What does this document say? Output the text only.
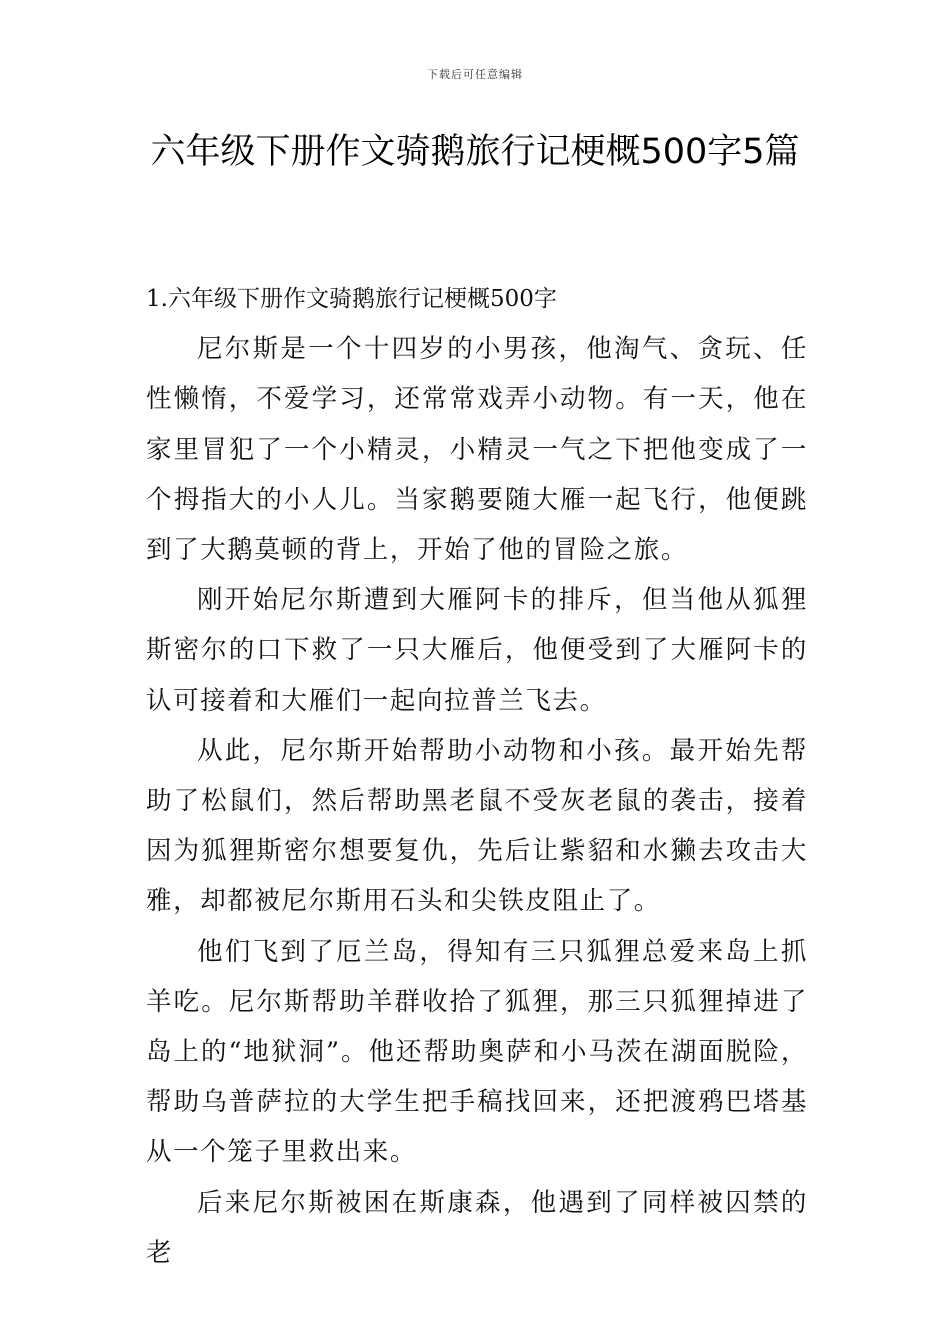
下载后可任意编辑
六年级下册作文骑鹅旅行记梗概500字5篇

1.六年级下册作文骑鹅旅行记梗概500字

尼尔斯是一个十四岁的小男孩，他淘气、贪玩、任性懒惰，不爱学习，还常常戏弄小动物。有一天，他在家里冒犯了一个小精灵，小精灵一气之下把他变成了一个拇指大的小人儿。当家鹅要随大雁一起飞行，他便跳到了大鹅莫顿的背上，开始了他的冒险之旅。

刚开始尼尔斯遭到大雁阿卡的排斥，但当他从狐狸斯密尔的口下救了一只大雁后，他便受到了大雁阿卡的认可接着和大雁们一起向拉普兰飞去。

从此，尼尔斯开始帮助小动物和小孩。最开始先帮助了松鼠们，然后帮助黑老鼠不受灰老鼠的袭击，接着因为狐狸斯密尔想要复仇，先后让紫貂和水獭去攻击大雅，却都被尼尔斯用石头和尖铁皮阻止了。

他们飞到了厄兰岛，得知有三只狐狸总爱来岛上抓羊吃。尼尔斯帮助羊群收拾了狐狸，那三只狐狸掉进了岛上的“地狱洞”。他还帮助奥萨和小马茨在湖面脱险，帮助乌普萨拉的大学生把手稿找回来，还把渡鸦巴塔基从一个笼子里救出来。

后来尼尔斯被困在斯康森，他遇到了同样被囚禁的老
